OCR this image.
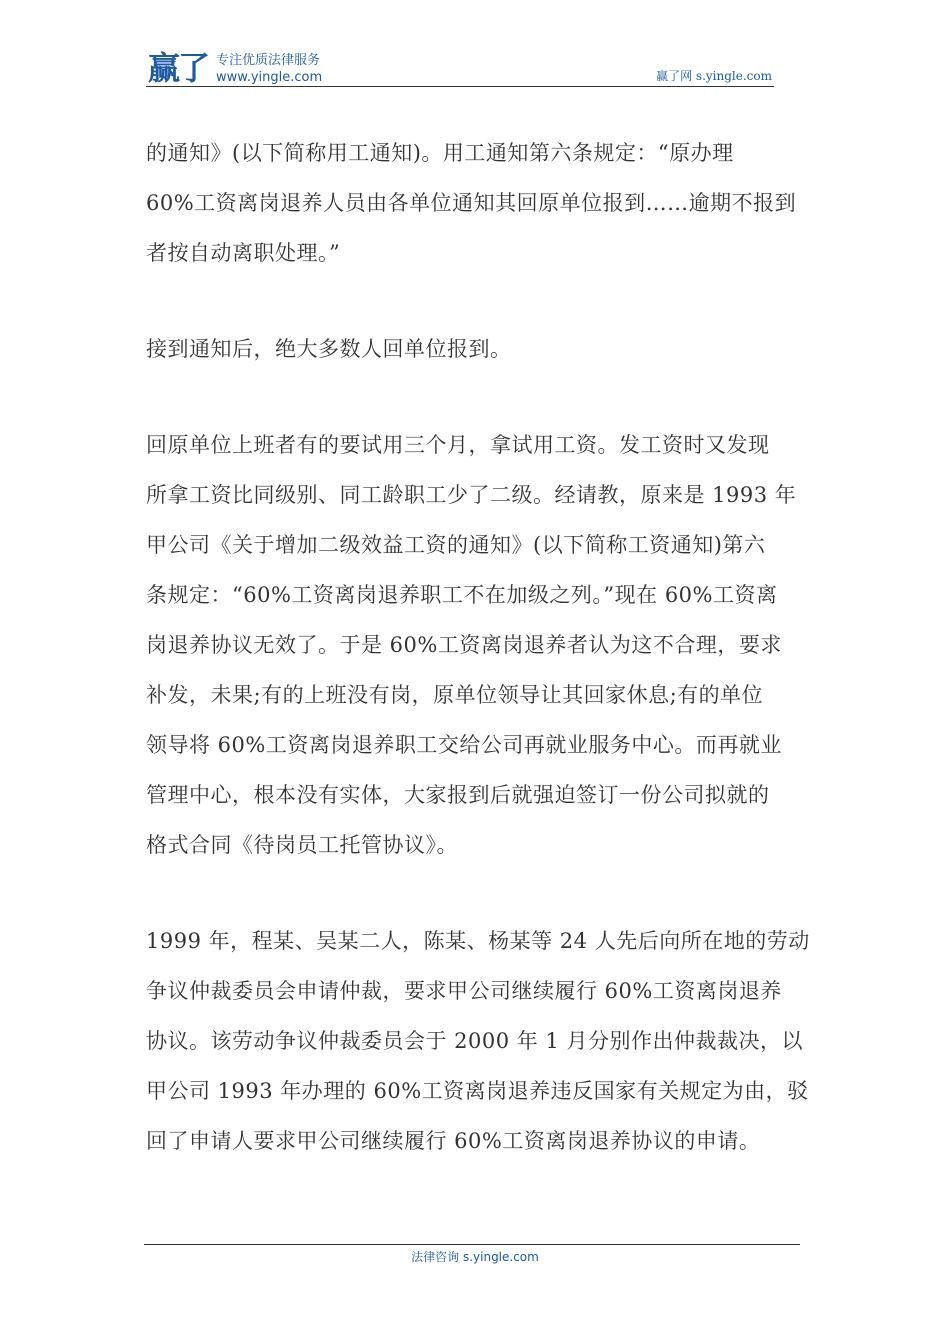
赢了 专注优质法律服务
www.yingle.com	赢了网 s.yingle.com

的通知》(以下简称用工通知)。用工通知第六条规定：“原办理
60%工资离岗退养人员由各单位通知其回原单位报到……逾期不报到
者按自动离职处理。”

接到通知后，绝大多数人回单位报到。

回原单位上班者有的要试用三个月，拿试用工资。发工资时又发现
所拿工资比同级别、同工龄职工少了二级。经请教，原来是 1993 年
甲公司《关于增加二级效益工资的通知》(以下简称工资通知)第六
条规定：“60%工资离岗退养职工不在加级之列。”现在 60%工资离
岗退养协议无效了。于是 60%工资离岗退养者认为这不合理，要求
补发，未果;有的上班没有岗，原单位领导让其回家休息;有的单位
领导将 60%工资离岗退养职工交给公司再就业服务中心。而再就业
管理中心，根本没有实体，大家报到后就强迫签订一份公司拟就的
格式合同《待岗员工托管协议》。

1999 年，程某、吴某二人，陈某、杨某等 24 人先后向所在地的劳动
争议仲裁委员会申请仲裁，要求甲公司继续履行 60%工资离岗退养
协议。该劳动争议仲裁委员会于 2000 年 1 月分别作出仲裁裁决，以
甲公司 1993 年办理的 60%工资离岗退养违反国家有关规定为由，驳
回了申请人要求甲公司继续履行 60%工资离岗退养协议的申请。

法律咨询 s.yingle.com
